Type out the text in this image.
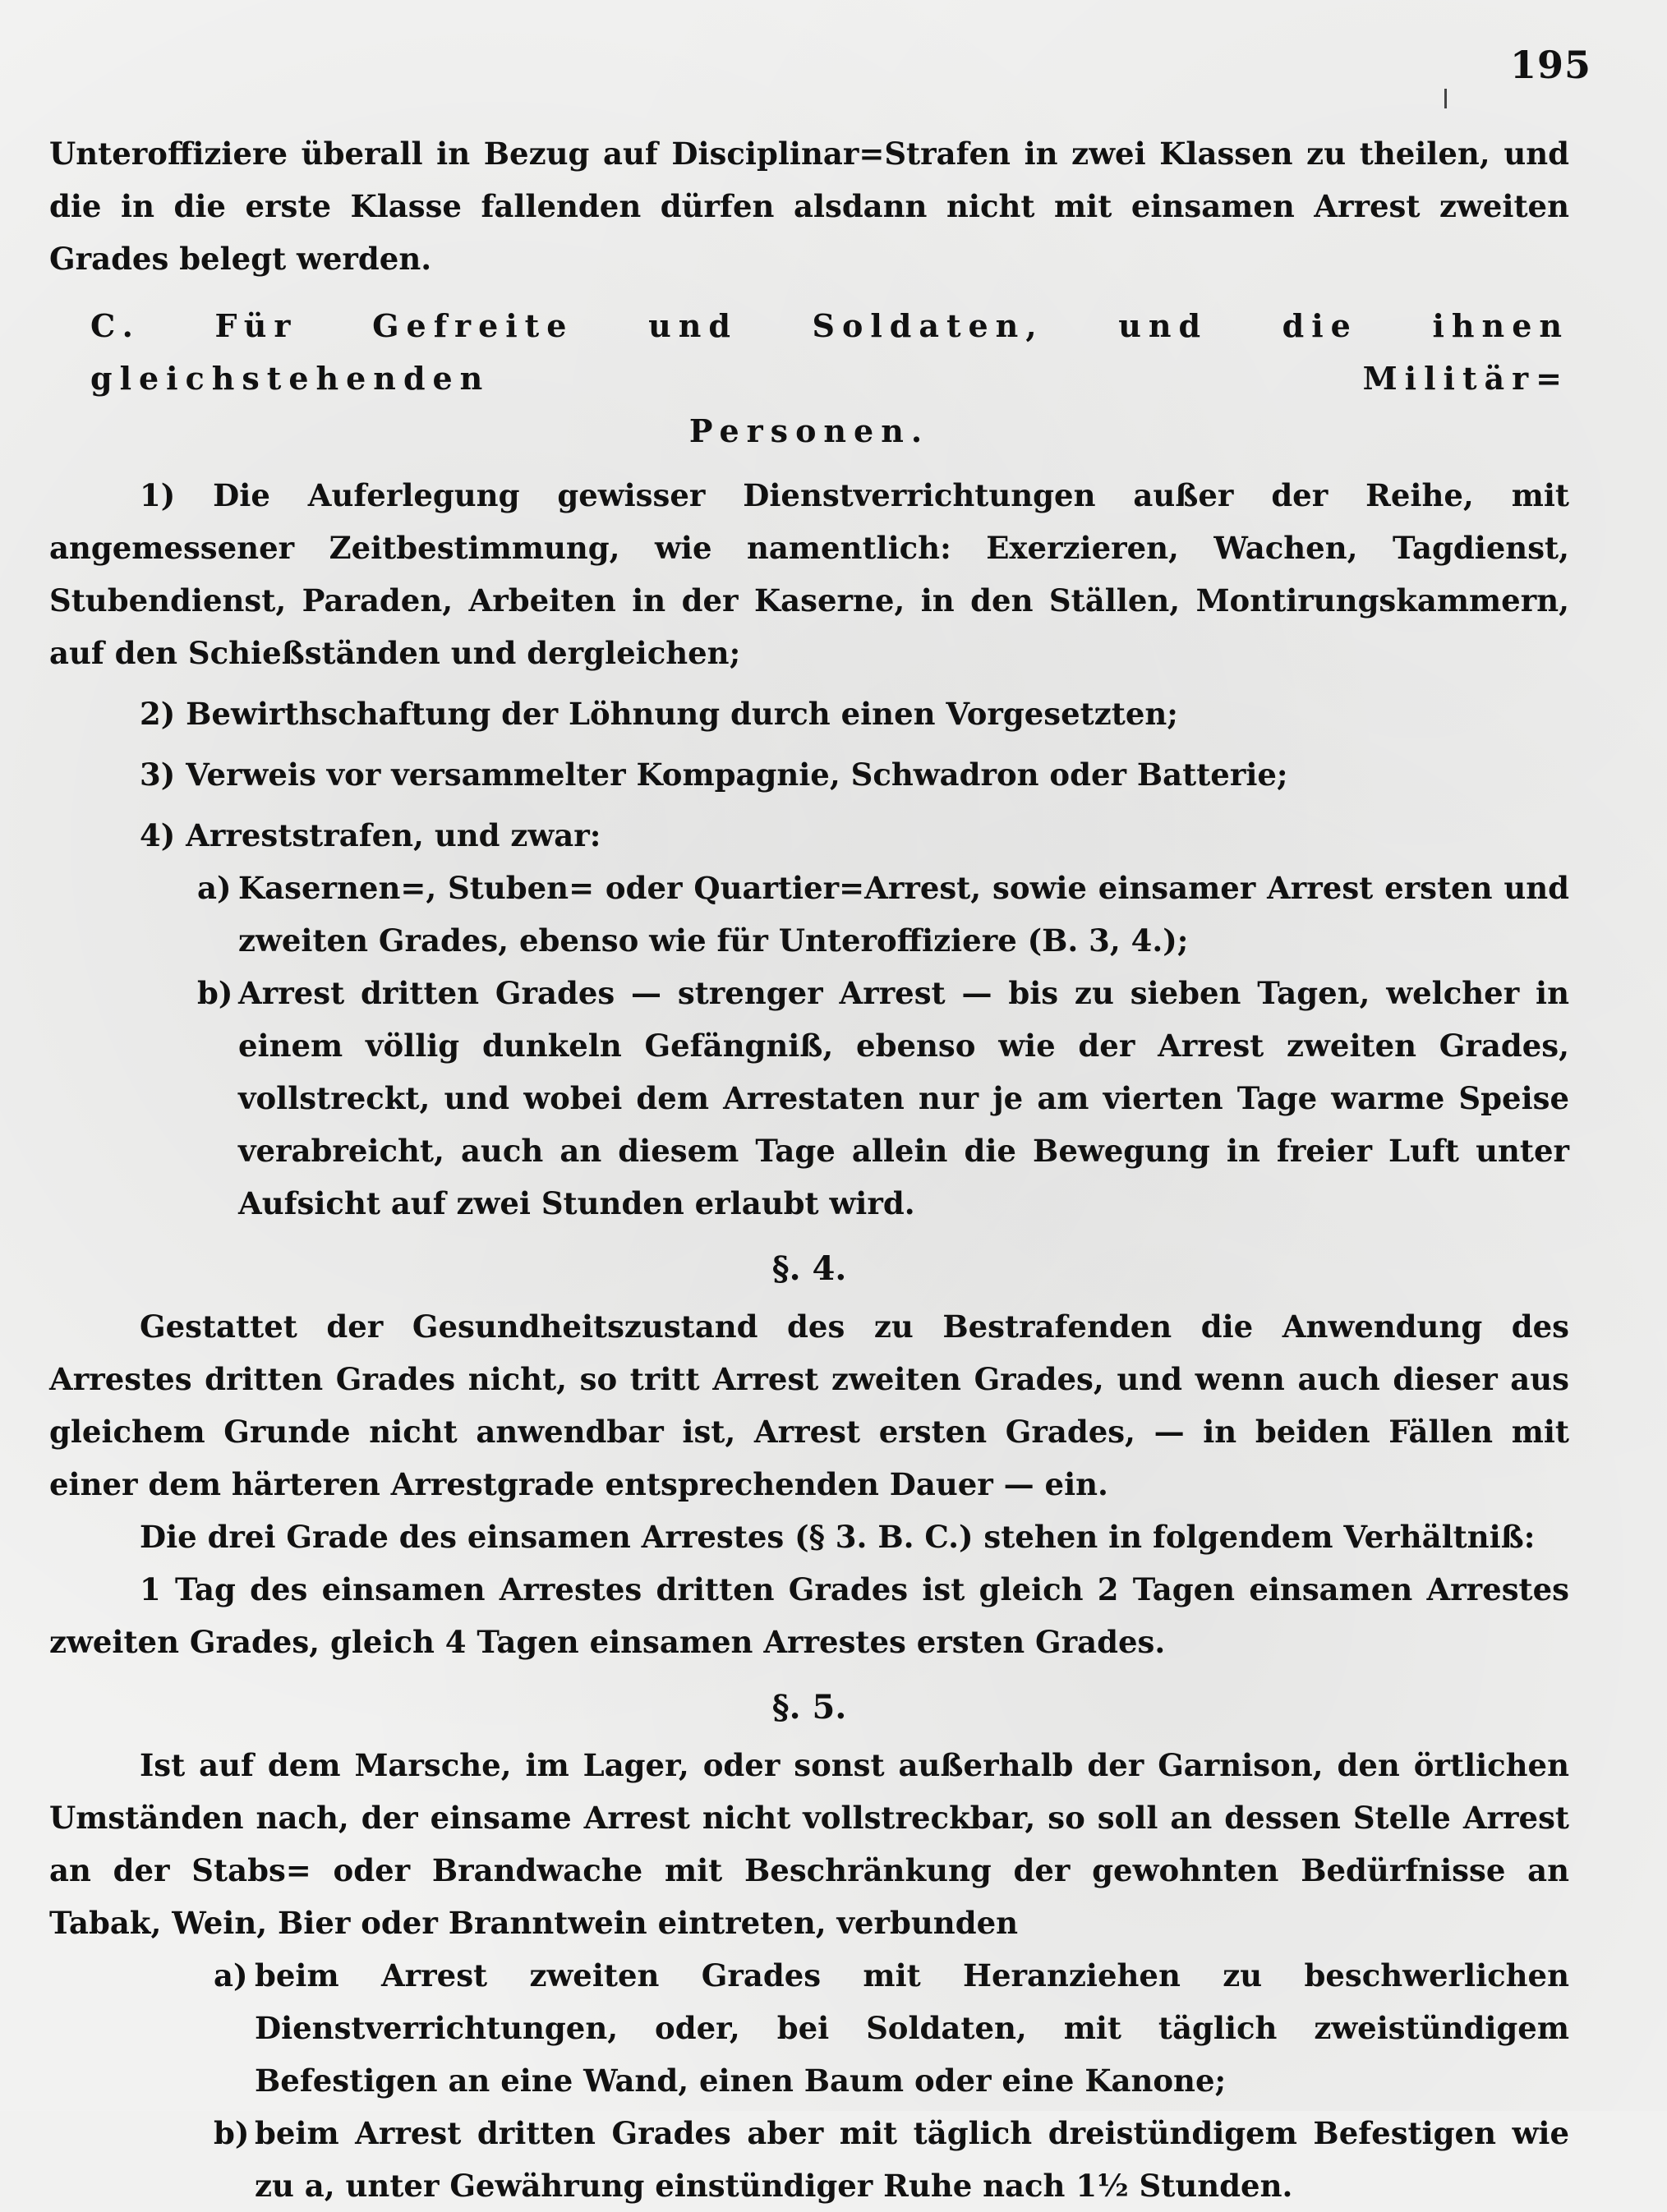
195

Unteroffiziere überall in Bezug auf Disciplinar=Strafen in zwei Klassen zu theilen, und die in die erste Klasse fallenden dürfen alsdann nicht mit einsamen Arrest zweiten Grades belegt werden.

C. Für Gefreite und Soldaten, und die ihnen gleichstehenden Militär=

Personen.

1) Die Auferlegung gewisser Dienstverrichtungen außer der Reihe, mit angemessener Zeitbestimmung, wie namentlich: Exerzieren, Wachen, Tagdienst, Stubendienst, Paraden, Arbeiten in der Kaserne, in den Ställen, Montirungskammern, auf den Schießständen und dergleichen;

2) Bewirthschaftung der Löhnung durch einen Vorgesetzten;

3) Verweis vor versammelter Kompagnie, Schwadron oder Batterie;

4) Arreststrafen, und zwar:

a) Kasernen=, Stuben= oder Quartier=Arrest, sowie einsamer Arrest ersten und zweiten Grades, ebenso wie für Unteroffiziere (B. 3, 4.);

b) Arrest dritten Grades — strenger Arrest — bis zu sieben Tagen, welcher in einem völlig dunkeln Gefängniß, ebenso wie der Arrest zweiten Grades, vollstreckt, und wobei dem Arrestaten nur je am vierten Tage warme Speise verabreicht, auch an diesem Tage allein die Bewegung in freier Luft unter Aufsicht auf zwei Stunden erlaubt wird.

§. 4.

Gestattet der Gesundheitszustand des zu Bestrafenden die Anwendung des Arrestes dritten Grades nicht, so tritt Arrest zweiten Grades, und wenn auch dieser aus gleichem Grunde nicht anwendbar ist, Arrest ersten Grades, — in beiden Fällen mit einer dem härteren Arrestgrade entsprechenden Dauer — ein.

Die drei Grade des einsamen Arrestes (§ 3. B. C.) stehen in folgendem Verhältniß:

1 Tag des einsamen Arrestes dritten Grades ist gleich 2 Tagen einsamen Arrestes zweiten Grades, gleich 4 Tagen einsamen Arrestes ersten Grades.

§. 5.

Ist auf dem Marsche, im Lager, oder sonst außerhalb der Garnison, den örtlichen Umständen nach, der einsame Arrest nicht vollstreckbar, so soll an dessen Stelle Arrest an der Stabs= oder Brandwache mit Beschränkung der gewohnten Bedürfnisse an Tabak, Wein, Bier oder Branntwein eintreten, verbunden

a) beim Arrest zweiten Grades mit Heranziehen zu beschwerlichen Dienstverrichtungen, oder, bei Soldaten, mit täglich zweistündigem Befestigen an eine Wand, einen Baum oder eine Kanone;

b) beim Arrest dritten Grades aber mit täglich dreistündigem Befestigen wie zu a, unter Gewährung einstündiger Ruhe nach 1½ Stunden.
